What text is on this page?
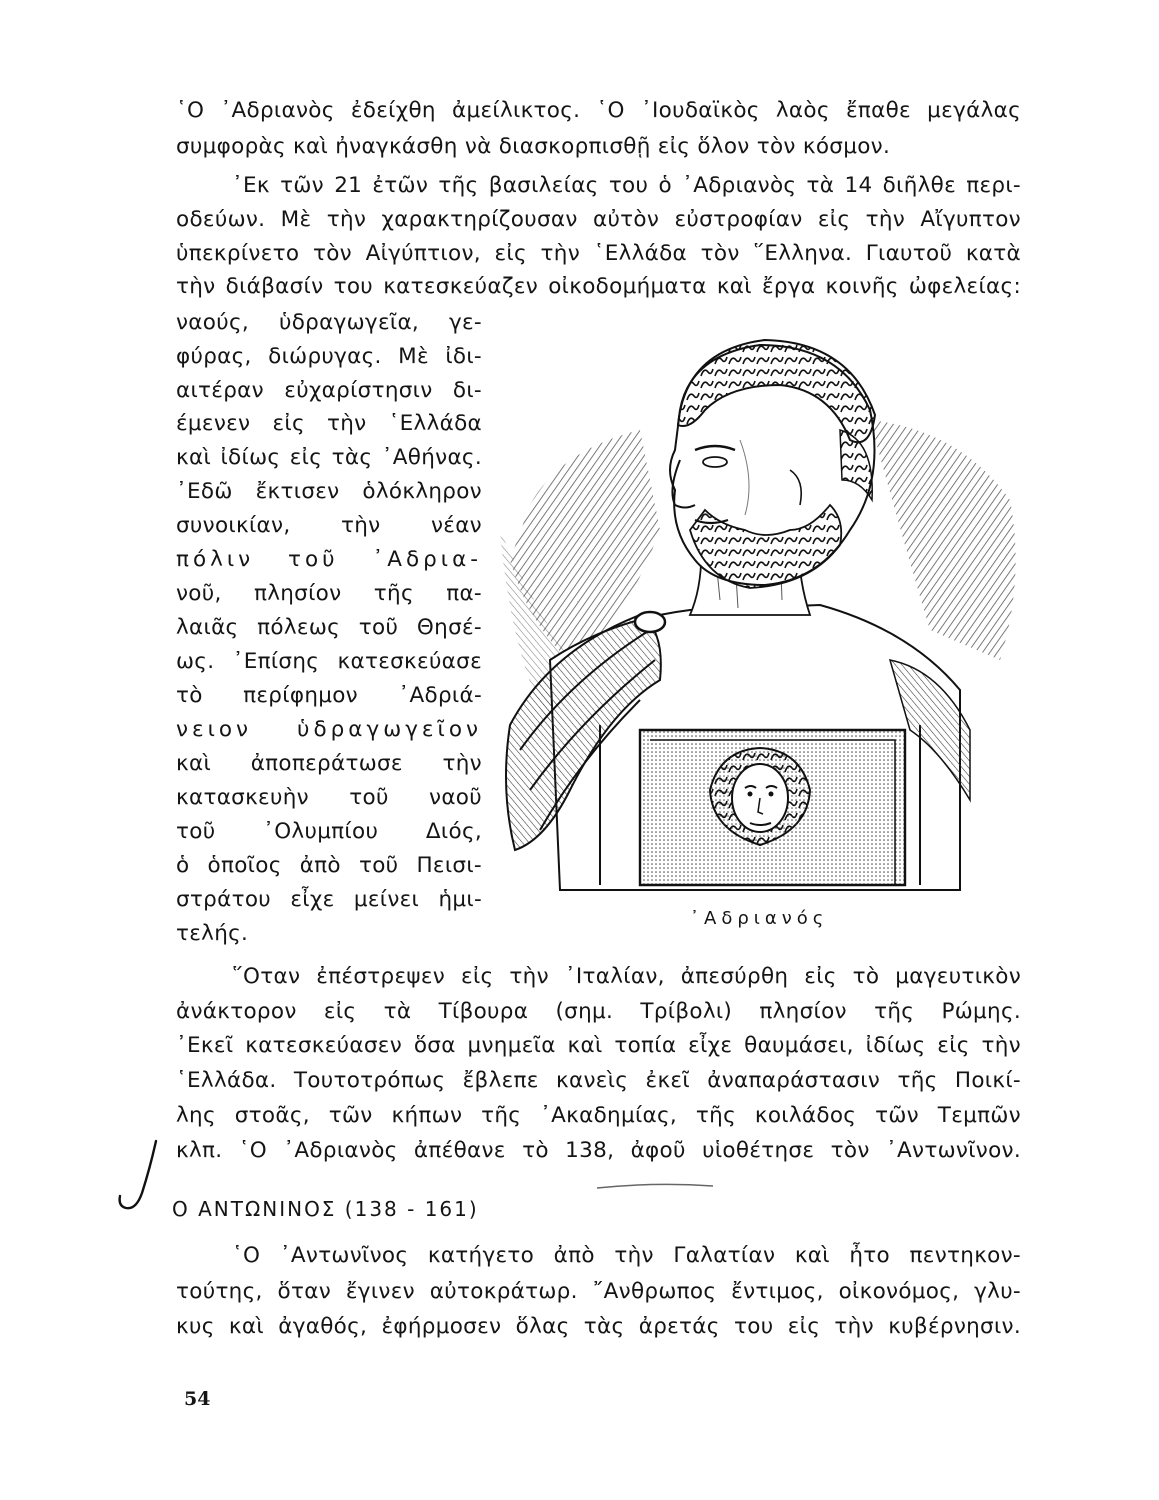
῾Ο ᾿Αδριανὸς ἐδείχθη ἀμείλικτος. ῾Ο ᾿Ιουδαϊκὸς λαὸς ἔπαθε μεγάλας
συμφορὰς καὶ ἠναγκάσθη νὰ διασκορπισθῇ εἰς ὅλον τὸν κόσμον.
᾿Εκ τῶν 21 ἐτῶν τῆς βασιλείας του ὁ ᾿Αδριανὸς τὰ 14 διῆλθε περι-
οδεύων. Μὲ τὴν χαρακτηρίζουσαν αὐτὸν εὐστροφίαν εἰς τὴν Αἴγυπτον
ὑπεκρίνετο τὸν Αἰγύπτιον, εἰς τὴν ῾Ελλάδα τὸν ῞Ελληνα. Γιαυτοῦ κατὰ
τὴν διάβασίν του κατεσκεύαζεν οἰκοδομήματα καὶ ἔργα κοινῆς ὠφελείας:
ναούς, ὑδραγωγεῖα, γε-
φύρας, διώρυγας. Μὲ ἰδι-
αιτέραν εὐχαρίστησιν δι-
έμενεν εἰς τὴν ῾Ελλάδα
καὶ ἰδίως εἰς τὰς ᾿Αθήνας.
᾿Εδῶ ἔκτισεν ὁλόκληρον
συνοικίαν, τὴν νέαν
πόλιν τοῦ ᾿Αδρια-
νοῦ, πλησίον τῆς πα-
λαιᾶς πόλεως τοῦ Θησέ-
ως. ᾿Επίσης κατεσκεύασε
τὸ περίφημον ᾿Αδριά-
νειον ὑδραγωγεῖον
καὶ ἀποπεράτωσε τὴν
κατασκευὴν τοῦ ναοῦ
τοῦ ᾿Ολυμπίου Διός,
ὁ ὁποῖος ἀπὸ τοῦ Πεισι-
στράτου εἶχε μείνει ἡμι-
τελής.
᾿Αδριανός
῞Οταν ἐπέστρεψεν εἰς τὴν ᾿Ιταλίαν, ἀπεσύρθη εἰς τὸ μαγευτικὸν
ἀνάκτορον εἰς τὰ Τίβουρα (σημ. Τρίβολι) πλησίον τῆς Ρώμης.
᾿Εκεῖ κατεσκεύασεν ὅσα μνημεῖα καὶ τοπία εἶχε θαυμάσει, ἰδίως εἰς τὴν
῾Ελλάδα. Τουτοτρόπως ἔβλεπε κανεὶς ἐκεῖ ἀναπαράστασιν τῆς Ποικί-
λης στοᾶς, τῶν κήπων τῆς ᾿Ακαδημίας, τῆς κοιλάδος τῶν Τεμπῶν
κλπ. ῾Ο ᾿Αδριανὸς ἀπέθανε τὸ 138, ἀφοῦ υἱοθέτησε τὸν ᾿Αντωνῖνον.
Ο ΑΝΤΩΝΙΝΟΣ (138 - 161)
῾Ο ᾿Αντωνῖνος κατήγετο ἀπὸ τὴν Γαλατίαν καὶ ἦτο πεντηκον-
τούτης, ὅταν ἔγινεν αὐτοκράτωρ. ῎Ανθρωπος ἔντιμος, οἰκονόμος, γλυ-
κυς καὶ ἀγαθός, ἐφήρμοσεν ὅλας τὰς ἀρετάς του εἰς τὴν κυβέρνησιν.
54
